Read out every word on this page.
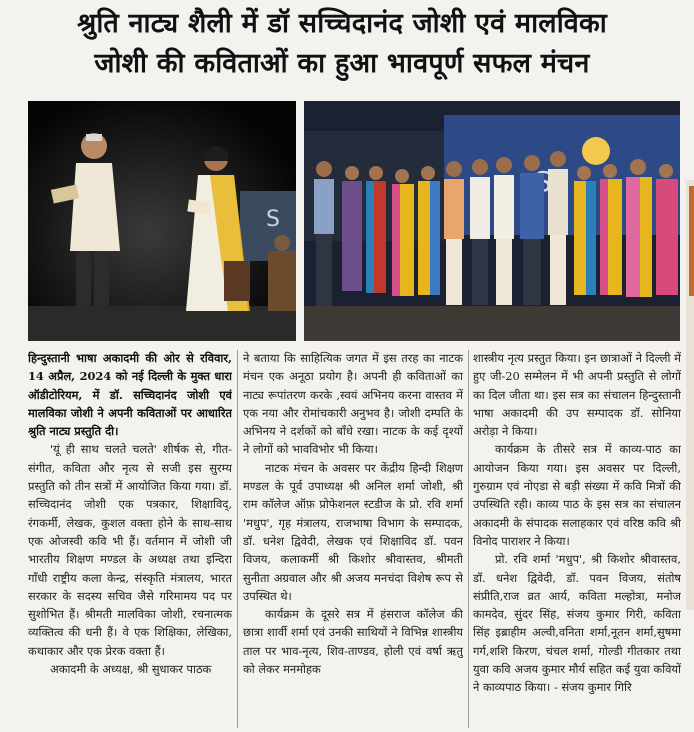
श्रुति नाट्य शैली में डॉ सच्चिदानंद जोशी एवं मालविका
जोशी की कविताओं का हुआ भावपूर्ण सफल मंचन
S

हिन्दुस्तानी भाषा अकादमी की ओर से रविवार, 14 अप्रैल, 2024 को नई दिल्ली के मुक्त धारा ऑडीटोरियम, में डॉ. सच्चिदानंद जोशी एवं मालविका जोशी ने अपनी कविताओं पर आधारित श्रुति नाट्य प्रस्तुति दी।

'यूं ही साथ चलते चलते' शीर्षक से, गीत-संगीत, कविता और नृत्य से सजी इस सुरम्य प्रस्तुति को तीन सत्रों में आयोजित किया गया। डॉ. सच्चिदानंद जोशी एक पत्रकार, शिक्षाविद्, रंगकर्मी, लेखक, कुशल वक्ता होने के साथ-साथ एक ओजस्वी कवि भी हैं। वर्तमान में जोशी जी भारतीय शिक्षण मण्डल के अध्यक्ष तथा इन्दिरा गाँधी राष्ट्रीय कला केन्द्र, संस्कृति मंत्रालय, भारत सरकार के सदस्य सचिव जैसे गरिमामय पद पर सुशोभित हैं। श्रीमती मालविका जोशी, रचनात्मक व्यक्तित्व की धनी हैं। वे एक शिक्षिका, लेखिका, कथाकार और एक प्रेरक वक्ता हैं।

अकादमी के अध्यक्ष, श्री सुधाकर पाठक

ने बताया कि साहित्यिक जगत में इस तरह का नाटक मंचन एक अनूठा प्रयोग है। अपनी ही कविताओं का नाट्य रूपांतरण करके ,स्वयं अभिनय करना वास्तव में एक नया और रोमांचकारी अनुभव है। जोशी दम्पति के अभिनय ने दर्शकों को बाँधे रखा। नाटक के कई दृश्यों ने लोगों को भावविभोर भी किया।

नाटक मंचन के अवसर पर केंद्रीय हिन्दी शिक्षण मण्डल के पूर्व उपाध्यक्ष श्री अनिल शर्मा जोशी, श्री राम कॉलेज ऑफ़ प्रोफेशनल स्टडीज के प्रो. रवि शर्मा 'मधुप', गृह मंत्रालय, राजभाषा विभाग के सम्पादक, डॉ. धनेश द्विवेदी, लेखक एवं शिक्षाविद डॉ. पवन विजय, कलाकर्मी श्री किशोर श्रीवास्तव, श्रीमती सुनीता अग्रवाल और श्री अजय मनचंदा विशेष रूप से उपस्थित थे।

कार्यक्रम के दूसरे सत्र में हंसराज कॉलेज की छात्रा शार्वी शर्मा एवं उनकी साथियों ने विभिन्न शास्त्रीय ताल पर भाव-नृत्य, शिव-ताण्डव, होली एवं वर्षा ऋतु को लेकर मनमोहक

शास्त्रीय नृत्य प्रस्तुत किया। इन छात्राओं ने दिल्ली में हुए जी-20 सम्मेलन में भी अपनी प्रस्तुति से लोगों का दिल जीता था। इस सत्र का संचालन हिन्दुस्तानी भाषा अकादमी की उप सम्पादक डॉ. सोनिया अरोड़ा ने किया।

कार्यक्रम के तीसरे सत्र में काव्य-पाठ का आयोजन किया गया। इस अवसर पर दिल्ली, गुरुग्राम एवं नोएडा से बड़ी संख्या में कवि मित्रों की उपस्थिति रही। काव्य पाठ के इस सत्र का संचालन अकादमी के संपादक सलाहकार एवं वरिष्ठ कवि श्री विनोद पाराशर ने किया।

प्रो. रवि शर्मा 'मधुप', श्री किशोर श्रीवास्तव, डॉ. धनेश द्विवेदी, डॉ. पवन विजय, संतोष संप्रीति,राज व्रत आर्य, कविता मल्होत्रा, मनोज कामदेव, सुंदर सिंह, संजय कुमार गिरी, कविता सिंह इब्राहीम अल्वी,वनिता शर्मा,नूतन शर्मा,सुषमा गर्ग,शशि किरण, चंचल शर्मा, गोल्डी गीतकार तथा युवा कवि अजय कुमार मौर्य सहित कई युवा कवियों ने काव्यपाठ किया। - संजय कुमार गिरि
